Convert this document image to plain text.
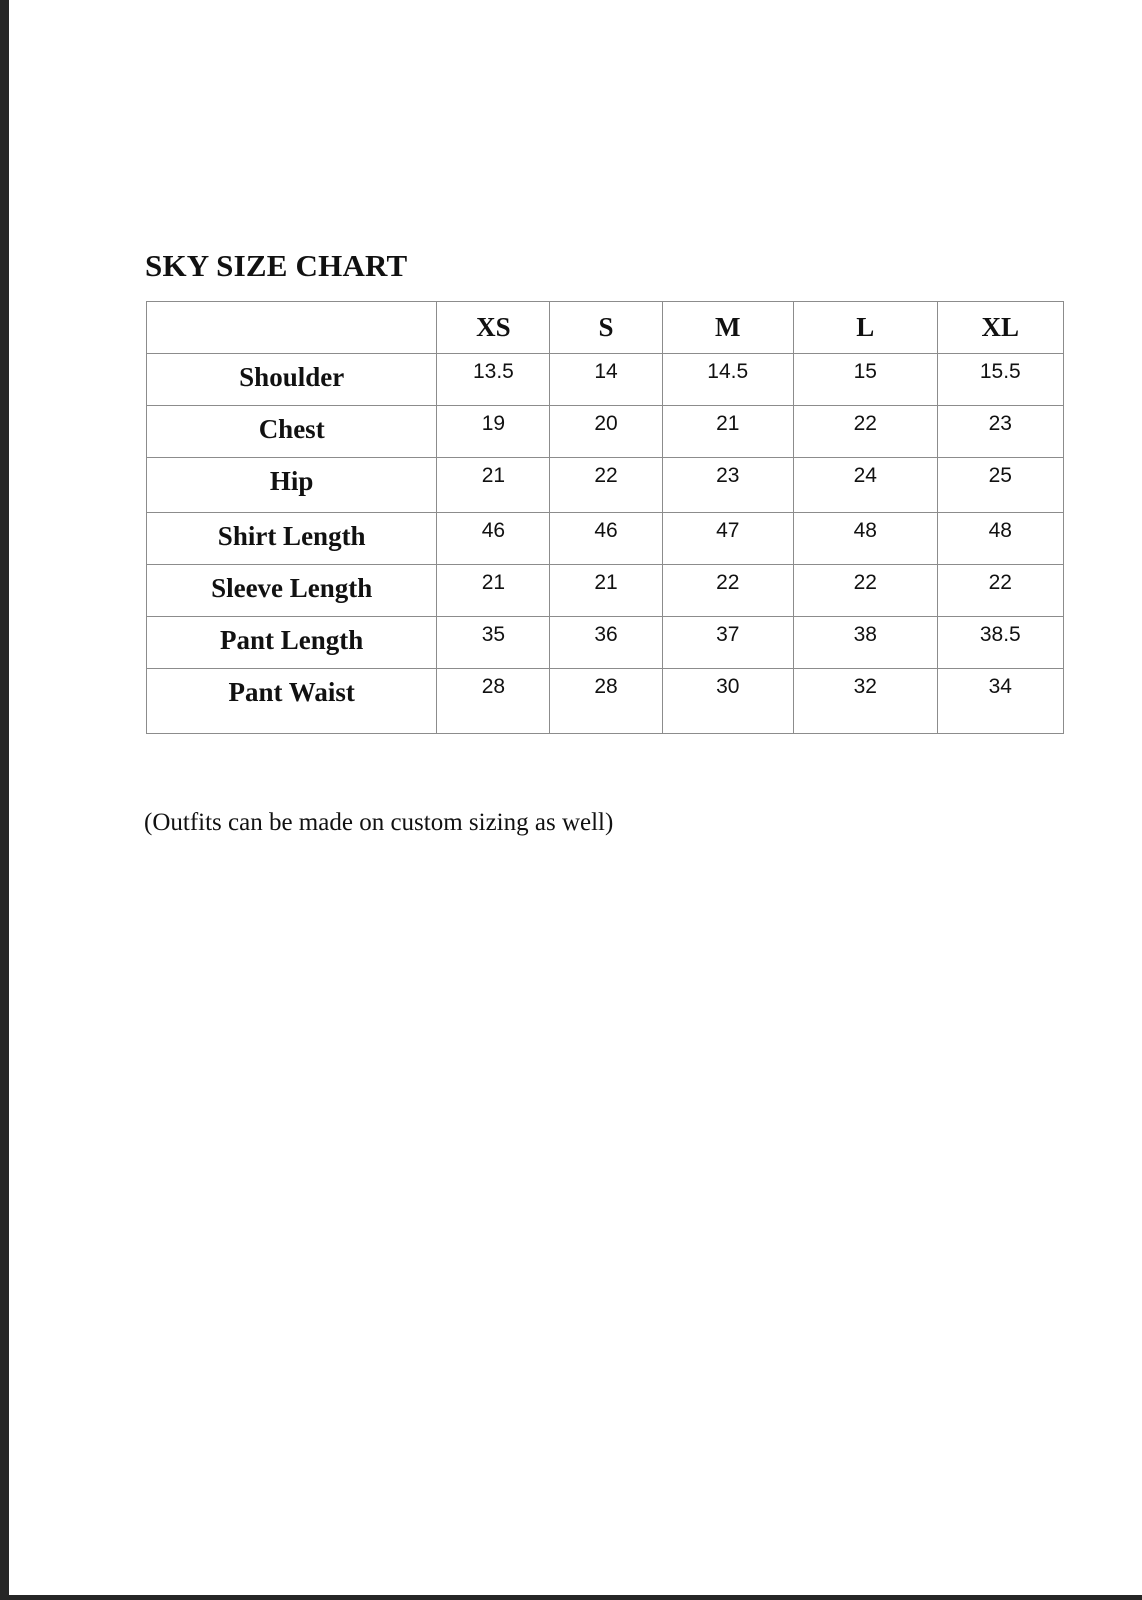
SKY SIZE CHART
	XS	S	M	L	XL

Shoulder	13.5	14	14.5	15	15.5

Chest	19	20	21	22	23

Hip	21	22	23	24	25

Shirt Length	46	46	47	48	48

Sleeve Length	21	21	22	22	22

Pant Length	35	36	37	38	38.5

Pant Waist	28	28	30	32	34

(Outfits can be made on custom sizing as well)
